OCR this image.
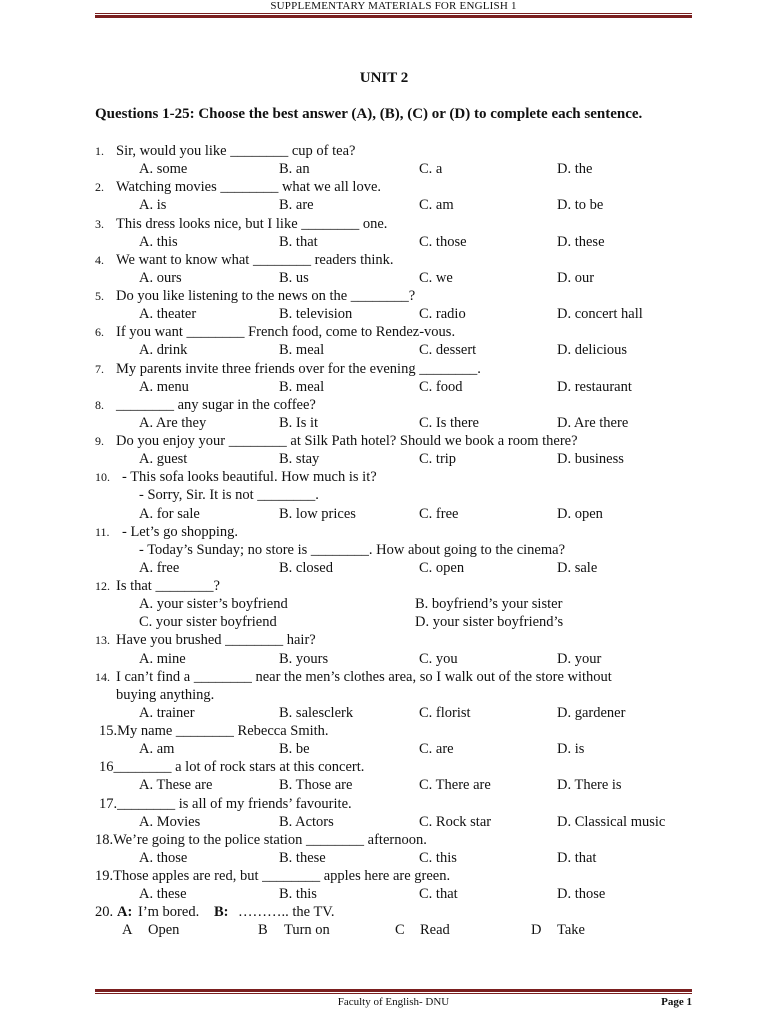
SUPPLEMENTARY MATERIALS FOR ENGLISH 1
UNIT 2
Questions 1-25: Choose the best answer (A), (B), (C) or (D) to complete each sentence.
1. Sir, would you like ________ cup of tea?
A. some	B. an	C. a	D. the
2. Watching movies ________ what we all love.
A. is	B. are	C. am	D. to be
3. This dress looks nice, but I like ________ one.
A. this	B. that	C. those	D. these
4. We want to know what ________ readers think.
A. ours	B. us	C. we	D. our
5. Do you like listening to the news on the ________?
A. theater	B. television	C. radio	D. concert hall
6. If you want ________ French food, come to Rendez-vous.
A. drink	B. meal	C. dessert	D. delicious
7. My parents invite three friends over for the evening ________.
A. menu	B. meal	C. food	D. restaurant
8. ________ any sugar in the coffee?
A. Are they	B. Is it	C. Is there	D. Are there
9. Do you enjoy your ________ at Silk Path hotel? Should we book a room there?
A. guest	B. stay	C. trip	D. business
10. - This sofa looks beautiful. How much is it?
- Sorry, Sir. It is not ________.
A. for sale	B. low prices	C. free	D. open
11. - Let’s go shopping.
- Today’s Sunday; no store is ________. How about going to the cinema?
A. free	B. closed	C. open	D. sale
12. Is that ________?
A. your sister’s boyfriend	B. boyfriend’s your sister
C. your sister boyfriend	D. your sister boyfriend’s
13. Have you brushed ________ hair?
A. mine	B. yours	C. you	D. your
14. I can’t find a ________ near the men’s clothes area, so I walk out of the store without
buying anything.
A. trainer	B. salesclerk	C. florist	D. gardener
15.My name ________ Rebecca Smith.
A. am	B. be	C. are	D. is
16________ a lot of rock stars at this concert.
A. These are	B. Those are	C. There are	D. There is
17.________ is all of my friends’ favourite.
A. Movies	B. Actors	C. Rock star	D. Classical music
18.We’re going to the police station ________ afternoon.
A. those	B. these	C. this	D. that
19.Those apples are red, but ________ apples here are green.
A. these	B. this	C. that	D. those
20. A: I’m bored. B: ……….. the TV.
A Open	B Turn on	C Read	D Take
Faculty of English- DNU	Page 1
